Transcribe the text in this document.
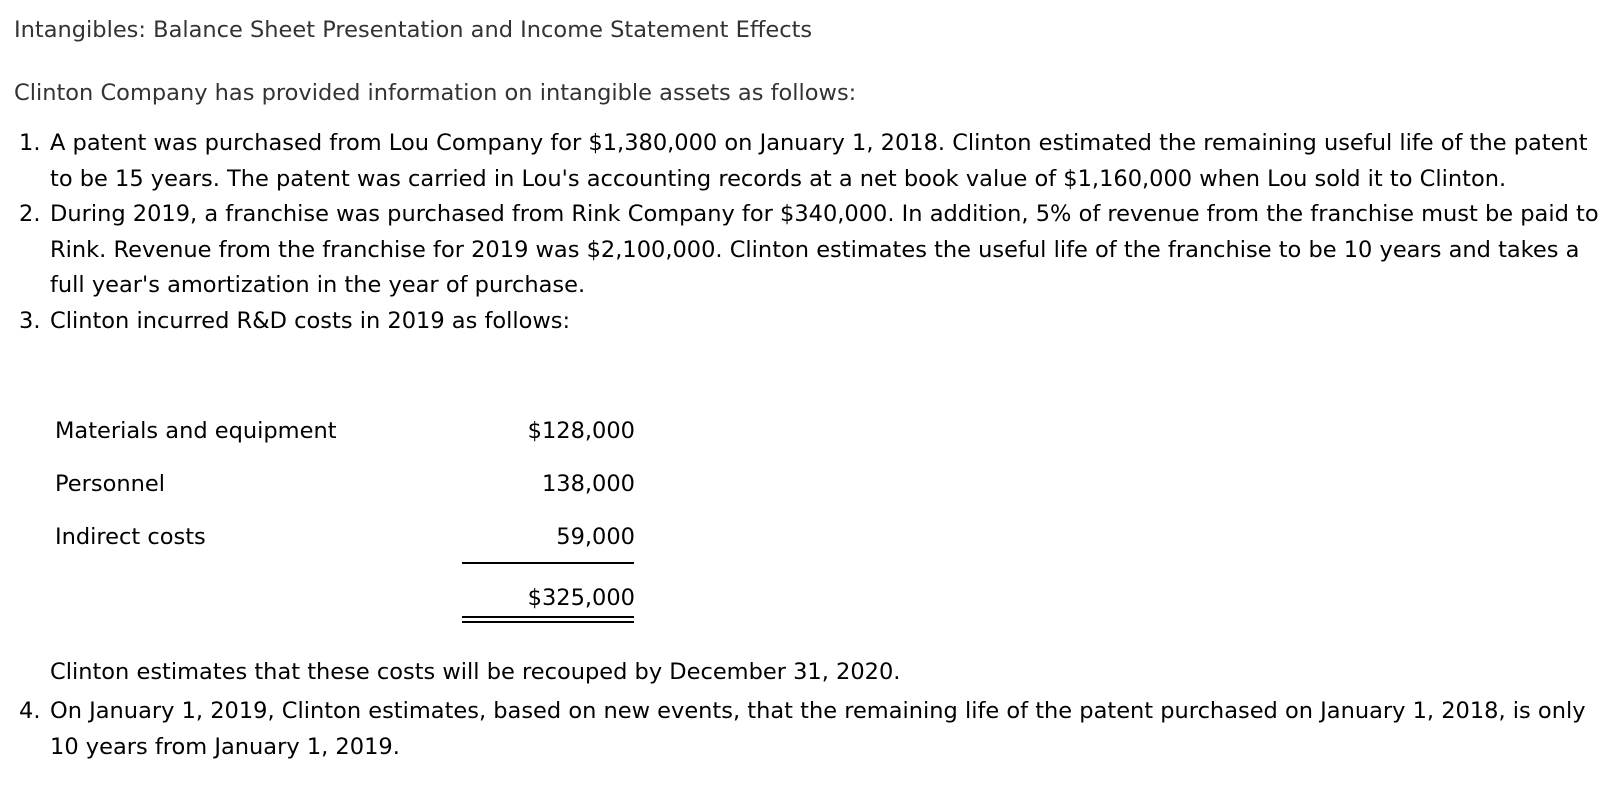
Intangibles: Balance Sheet Presentation and Income Statement Effects
Clinton Company has provided information on intangible assets as follows:
1. A patent was purchased from Lou Company for $1,380,000 on January 1, 2018. Clinton estimated the remaining useful life of the patent to be 15 years. The patent was carried in Lou's accounting records at a net book value of $1,160,000 when Lou sold it to Clinton.
2. During 2019, a franchise was purchased from Rink Company for $340,000. In addition, 5% of revenue from the franchise must be paid to Rink. Revenue from the franchise for 2019 was $2,100,000. Clinton estimates the useful life of the franchise to be 10 years and takes a full year's amortization in the year of purchase.
3. Clinton incurred R&D costs in 2019 as follows:
Materials and equipment	$128,000
Personnel	138,000
Indirect costs	59,000
$325,000
Clinton estimates that these costs will be recouped by December 31, 2020.
4. On January 1, 2019, Clinton estimates, based on new events, that the remaining life of the patent purchased on January 1, 2018, is only 10 years from January 1, 2019.
